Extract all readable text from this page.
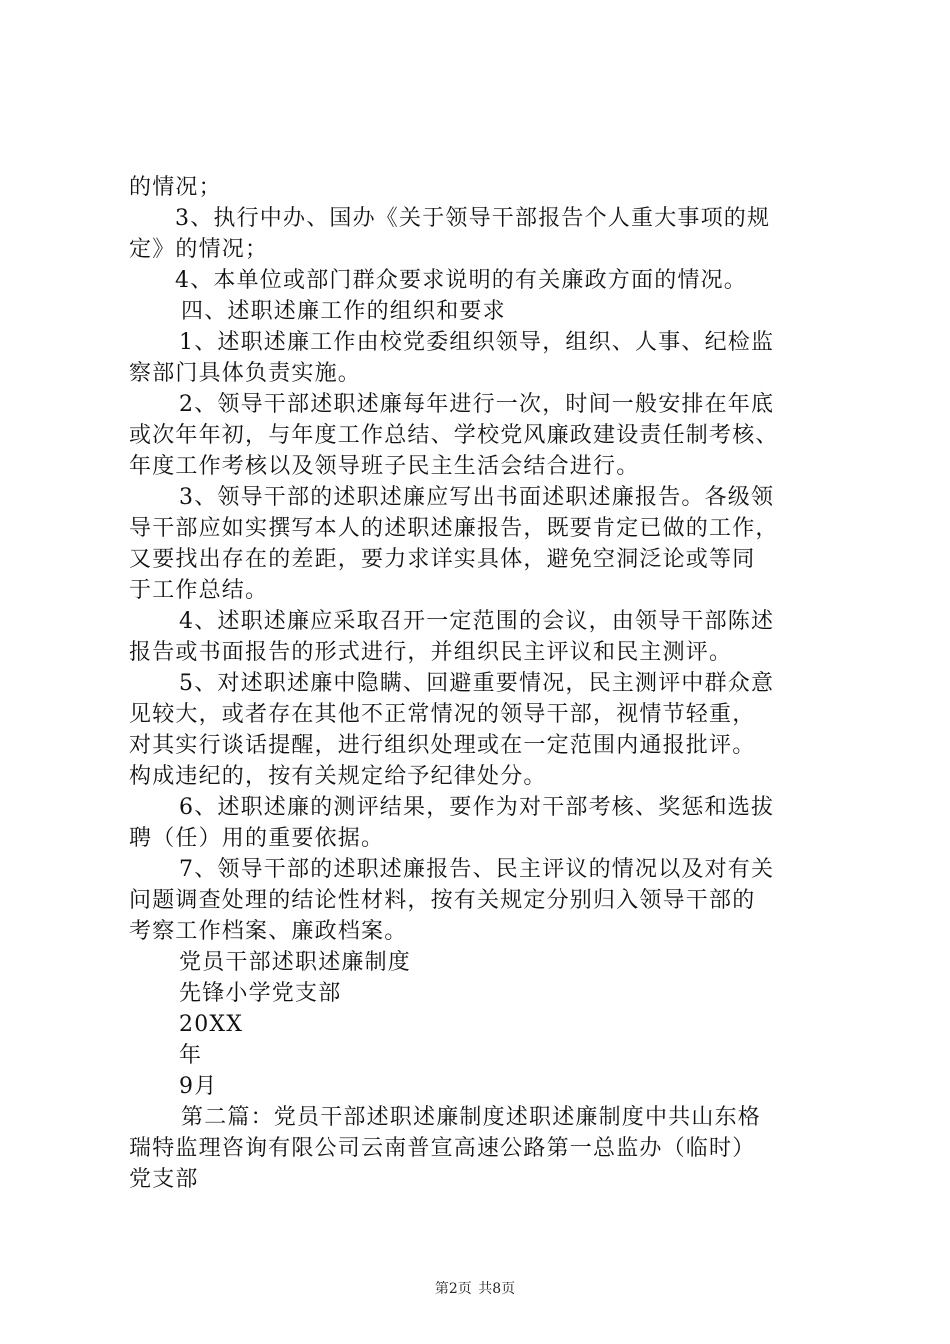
的情况；
3、执行中办、国办《关于领导干部报告个人重大事项的规
定》的情况；
4、本单位或部门群众要求说明的有关廉政方面的情况。
四、述职述廉工作的组织和要求
1、述职述廉工作由校党委组织领导，组织、人事、纪检监
察部门具体负责实施。
2、领导干部述职述廉每年进行一次，时间一般安排在年底
或次年年初，与年度工作总结、学校党风廉政建设责任制考核、
年度工作考核以及领导班子民主生活会结合进行。
3、领导干部的述职述廉应写出书面述职述廉报告。各级领
导干部应如实撰写本人的述职述廉报告，既要肯定已做的工作，
又要找出存在的差距，要力求详实具体，避免空洞泛论或等同
于工作总结。
4、述职述廉应采取召开一定范围的会议，由领导干部陈述
报告或书面报告的形式进行，并组织民主评议和民主测评。
5、对述职述廉中隐瞒、回避重要情况，民主测评中群众意
见较大，或者存在其他不正常情况的领导干部，视情节轻重，
对其实行谈话提醒，进行组织处理或在一定范围内通报批评。
构成违纪的，按有关规定给予纪律处分。
6、述职述廉的测评结果，要作为对干部考核、奖惩和选拔
聘（任）用的重要依据。
7、领导干部的述职述廉报告、民主评议的情况以及对有关
问题调查处理的结论性材料，按有关规定分别归入领导干部的
考察工作档案、廉政档案。
党员干部述职述廉制度
先锋小学党支部
20XX
年
9月
第二篇：党员干部述职述廉制度述职述廉制度中共山东格
瑞特监理咨询有限公司云南普宣高速公路第一总监办（临时）
党支部
第2页 共8页
